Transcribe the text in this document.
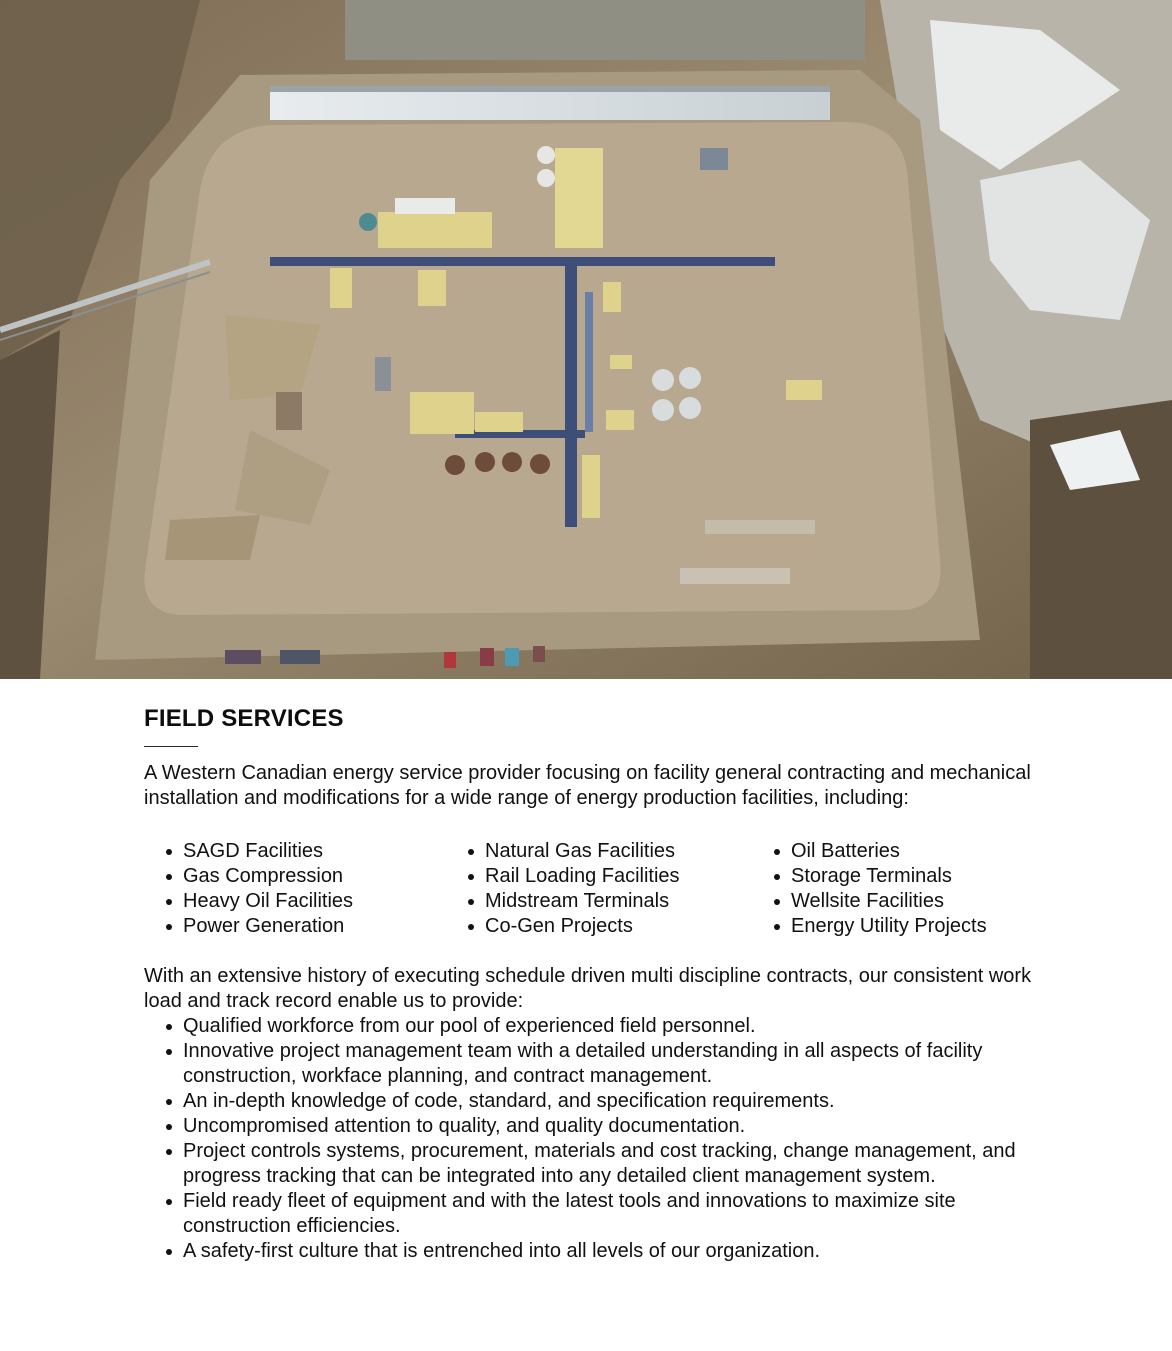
FIELD SERVICES

A Western Canadian energy service provider focusing on facility general contracting and mechanical installation and modifications for a wide range of energy production facilities, including:

SAGD Facilities
Gas Compression
Heavy Oil Facilities
Power Generation
Natural Gas Facilities
Rail Loading Facilities
Midstream Terminals
Co-Gen Projects
Oil Batteries
Storage Terminals
Wellsite Facilities
Energy Utility Projects

With an extensive history of executing schedule driven multi discipline contracts, our consistent work load and track record enable us to provide:

Qualified workforce from our pool of experienced field personnel.
Innovative project management team with a detailed understanding in all aspects of facility construction, workface planning, and contract management.
An in-depth knowledge of code, standard, and specification requirements.
Uncompromised attention to quality, and quality documentation.
Project controls systems, procurement, materials and cost tracking, change management, and progress tracking that can be integrated into any detailed client management system.
Field ready fleet of equipment and with the latest tools and innovations to maximize site construction efficiencies.
A safety-first culture that is entrenched into all levels of our organization.
